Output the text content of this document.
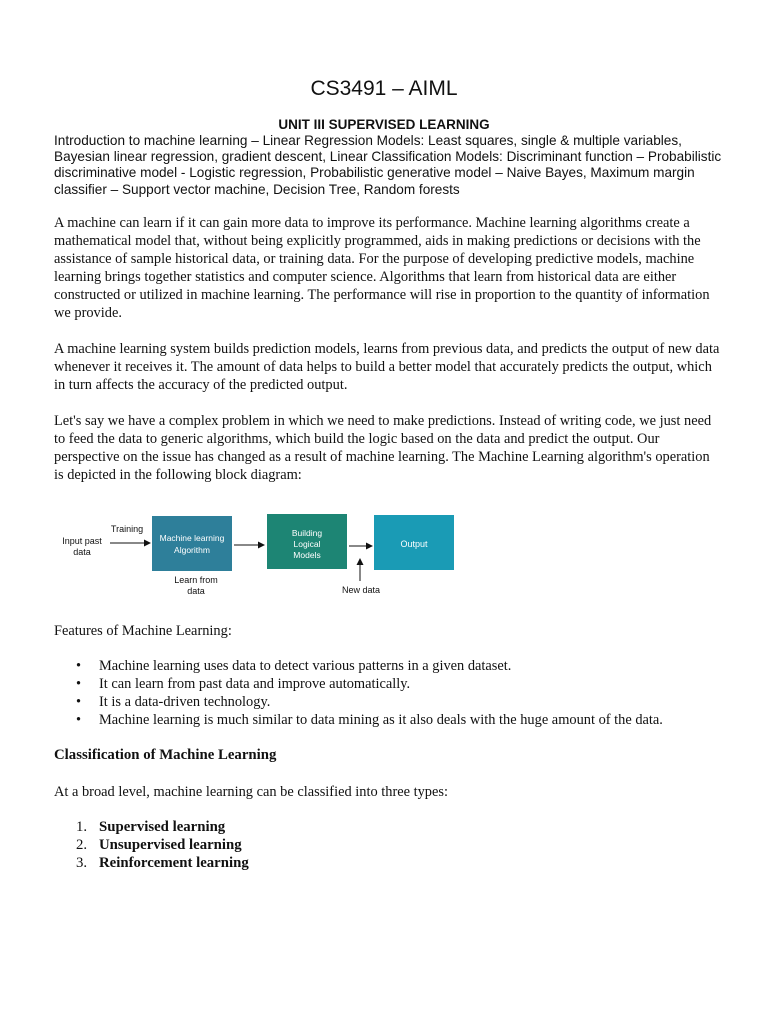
CS3491 – AIML
UNIT III SUPERVISED LEARNING

Introduction to machine learning – Linear Regression Models: Least squares, single & multiple variables, Bayesian linear regression, gradient descent, Linear Classification Models: Discriminant function – Probabilistic discriminative model - Logistic regression, Probabilistic generative model – Naive Bayes, Maximum margin classifier – Support vector machine, Decision Tree, Random forests

A machine can learn if it can gain more data to improve its performance. Machine learning algorithms create a mathematical model that, without being explicitly programmed, aids in making predictions or decisions with the assistance of sample historical data, or training data. For the purpose of developing predictive models, machine learning brings together statistics and computer science. Algorithms that learn from historical data are either constructed or utilized in machine learning. The performance will rise in proportion to the quantity of information we provide.

A machine learning system builds prediction models, learns from previous data, and predicts the output of new data whenever it receives it. The amount of data helps to build a better model that accurately predicts the output, which in turn affects the accuracy of the predicted output.

Let's say we have a complex problem in which we need to make predictions. Instead of writing code, we just need to feed the data to generic algorithms, which build the logic based on the data and predict the output. Our perspective on the issue has changed as a result of machine learning. The Machine Learning algorithm's operation is depicted in the following block diagram:

Input past
data
Training
Machine learning
Algorithm
Learn from
data
Building
Logical
Models
Output
New data

Features of Machine Learning:

• Machine learning uses data to detect various patterns in a given dataset.
• It can learn from past data and improve automatically.
• It is a data-driven technology.
• Machine learning is much similar to data mining as it also deals with the huge amount of the data.

Classification of Machine Learning

At a broad level, machine learning can be classified into three types:

1. Supervised learning
2. Unsupervised learning
3. Reinforcement learning
